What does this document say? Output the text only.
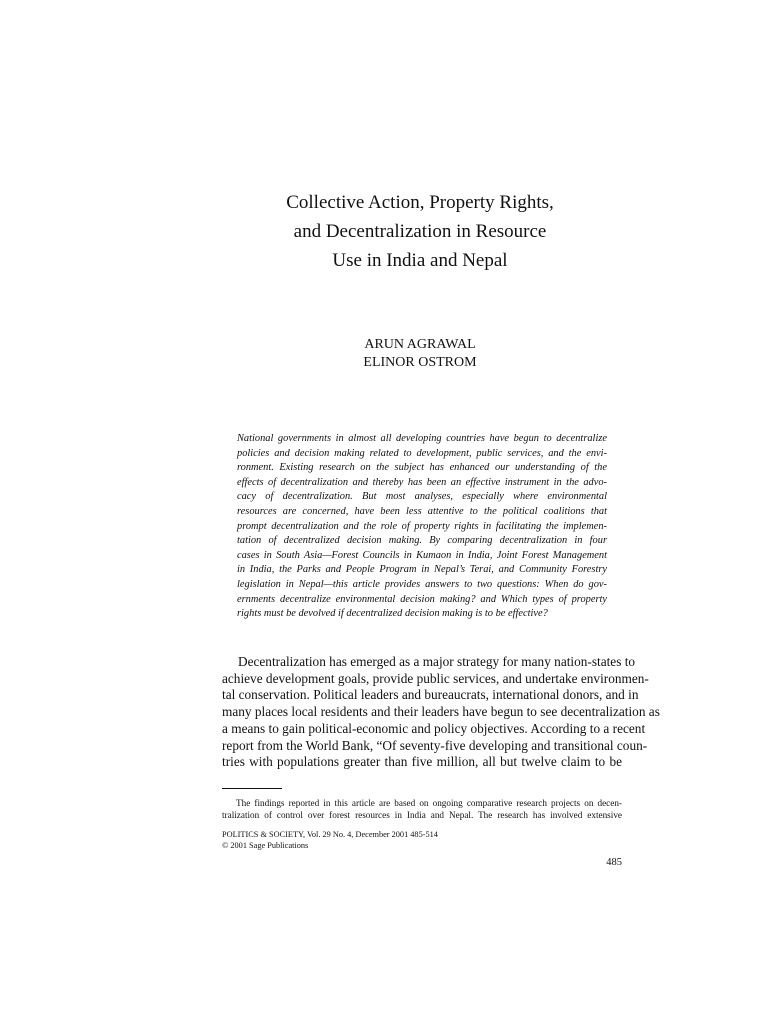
Collective Action, Property Rights,
and Decentralization in Resource
Use in India and Nepal
ARUN AGRAWAL
ELINOR OSTROM
National governments in almost all developing countries have begun to decentralize
policies and decision making related to development, public services, and the envi-
ronment. Existing research on the subject has enhanced our understanding of the
effects of decentralization and thereby has been an effective instrument in the advo-
cacy of decentralization. But most analyses, especially where environmental
resources are concerned, have been less attentive to the political coalitions that
prompt decentralization and the role of property rights in facilitating the implemen-
tation of decentralized decision making. By comparing decentralization in four
cases in South Asia—Forest Councils in Kumaon in India, Joint Forest Management
in India, the Parks and People Program in Nepal’s Terai, and Community Forestry
legislation in Nepal—this article provides answers to two questions: When do gov-
ernments decentralize environmental decision making? and Which types of property
rights must be devolved if decentralized decision making is to be effective?
Decentralization has emerged as a major strategy for many nation-states to
achieve development goals, provide public services, and undertake environmen-
tal conservation. Political leaders and bureaucrats, international donors, and in
many places local residents and their leaders have begun to see decentralization as
a means to gain political-economic and policy objectives. According to a recent
report from the World Bank, “Of seventy-five developing and transitional coun-
tries with populations greater than five million, all but twelve claim to be
The findings reported in this article are based on ongoing comparative research projects on decen-
tralization of control over forest resources in India and Nepal. The research has involved extensive
POLITICS & SOCIETY, Vol. 29 No. 4, December 2001 485-514
© 2001 Sage Publications
485
